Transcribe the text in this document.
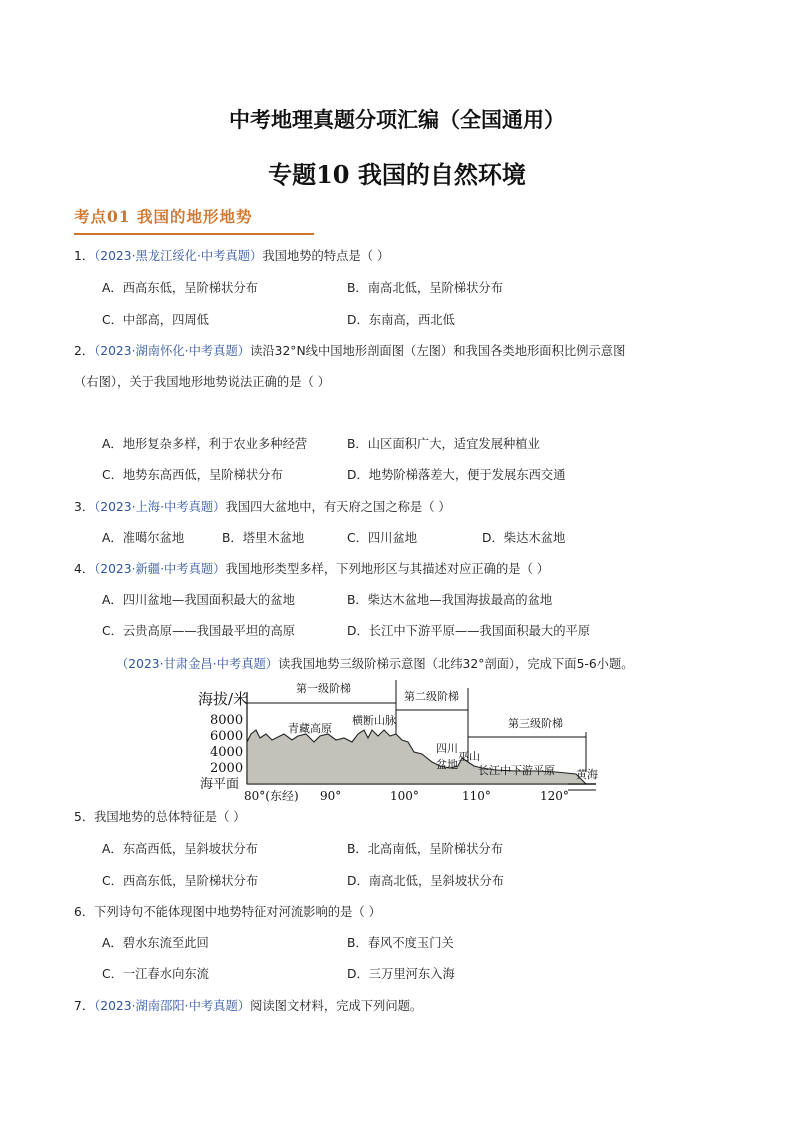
中考地理真题分项汇编（全国通用）
专题10 我国的自然环境
考点01 我国的地形地势
1．（2023·黑龙江绥化·中考真题）我国地势的特点是（ ）
A．西高东低，呈阶梯状分布	B．南高北低，呈阶梯状分布
C．中部高，四周低	D．东南高，西北低
2．（2023·湖南怀化·中考真题）读沿32°N线中国地形剖面图（左图）和我国各类地形面积比例示意图
（右图），关于我国地形地势说法正确的是（ ）
A．地形复杂多样，利于农业多种经营	B．山区面积广大，适宜发展种植业
C．地势东高西低，呈阶梯状分布	D．地势阶梯落差大，便于发展东西交通
3．（2023·上海·中考真题）我国四大盆地中，有天府之国之称是（ ）
A．准噶尔盆地	B．塔里木盆地	C．四川盆地	D．柴达木盆地
4．（2023·新疆·中考真题）我国地形类型多样，下列地形区与其描述对应正确的是（ ）
A．四川盆地—我国面积最大的盆地	B．柴达木盆地—我国海拔最高的盆地
C．云贵高原——我国最平坦的高原	D．长江中下游平原——我国面积最大的平原
（2023·甘肃金昌·中考真题）读我国地势三级阶梯示意图（北纬32°剖面），完成下面5-6小题。
海拔/米
8000
6000
4000
2000
海平面
第一级阶梯
第二级阶梯
第三级阶梯
青藏高原
横断山脉
四川
盆地
巫山
长江中下游平原 黄海
80°(东经) 90°	100°	110°	120°
5．我国地势的总体特征是（ ）
A．东高西低，呈斜坡状分布	B．北高南低，呈阶梯状分布
C．西高东低，呈阶梯状分布	D．南高北低，呈斜坡状分布
6．下列诗句不能体现图中地势特征对河流影响的是（ ）
A．碧水东流至此回	B．春风不度玉门关
C．一江春水向东流	D．三万里河东入海
7．（2023·湖南邵阳·中考真题）阅读图文材料，完成下列问题。
